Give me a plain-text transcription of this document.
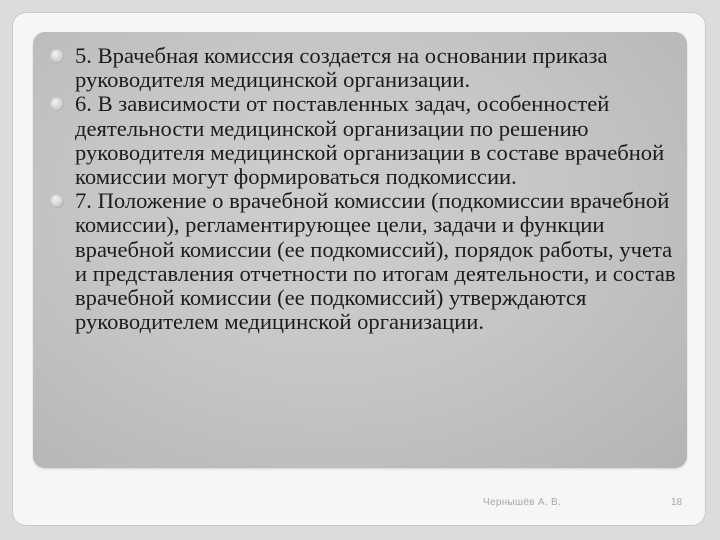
5. Врачебная комиссия создается на основании приказа руководителя медицинской организации.
6. В зависимости от поставленных задач, особенностей деятельности медицинской организации по решению руководителя медицинской организации в составе врачебной комиссии могут формироваться подкомиссии.
7. Положение о врачебной комиссии (подкомиссии врачебной комиссии), регламентирующее цели, задачи и функции врачебной комиссии (ее подкомиссий), порядок работы, учета и представления отчетности по итогам деятельности, и состав врачебной комиссии (ее подкомиссий) утверждаются руководителем медицинской организации.
Чернышёв А. В.	18
